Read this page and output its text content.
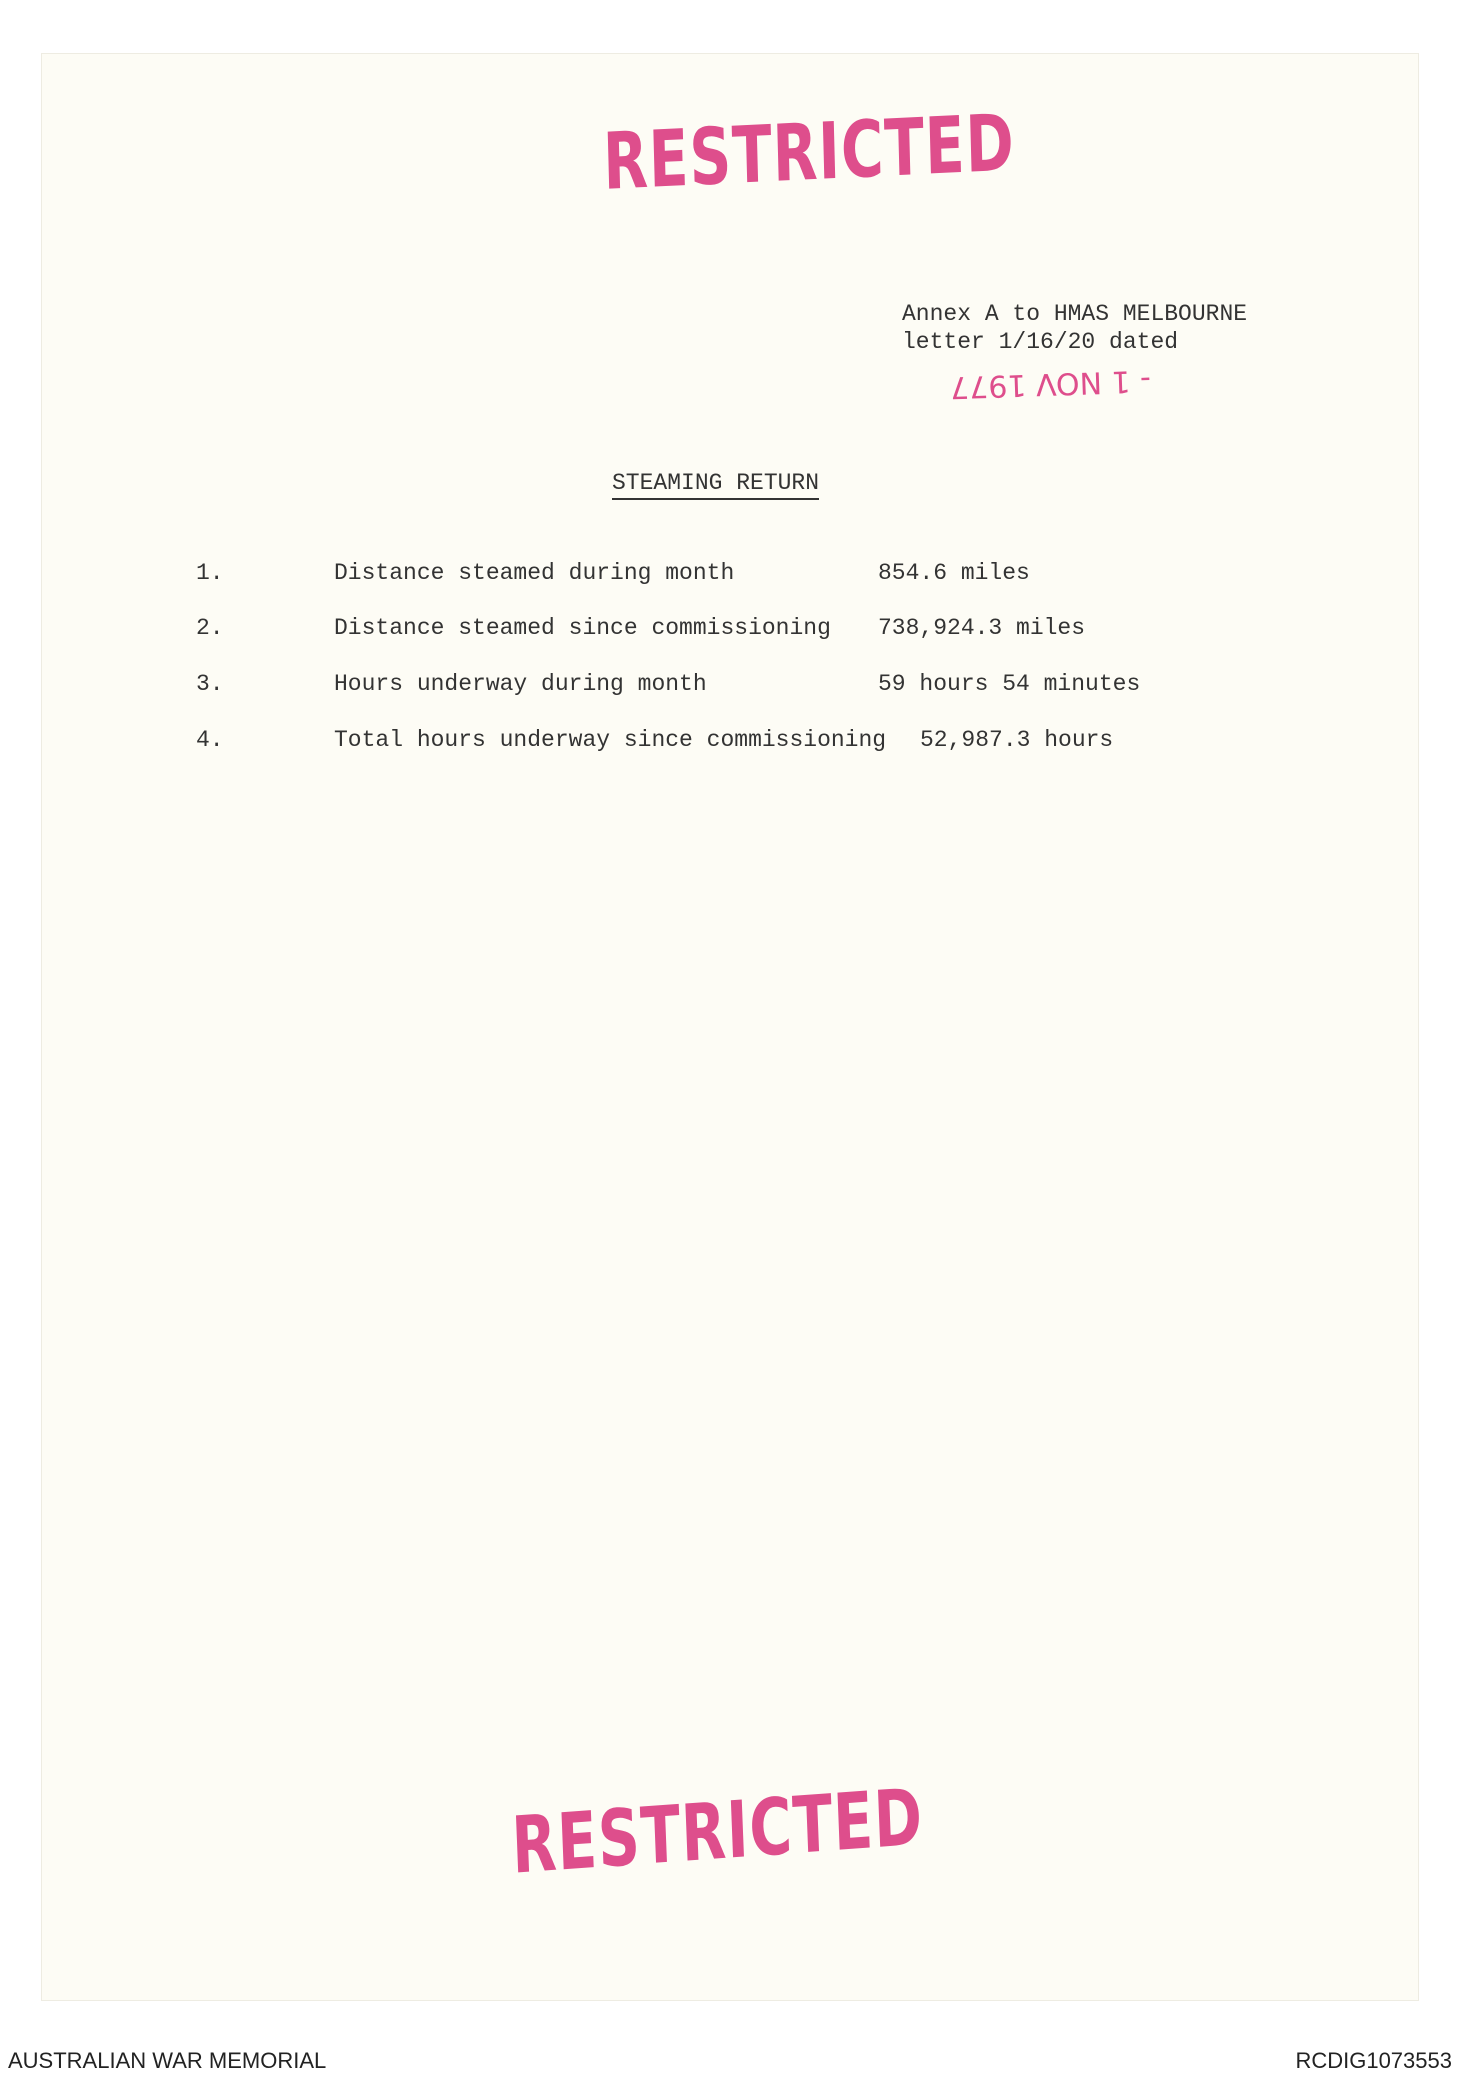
RESTRICTED
Annex A to HMAS MELBOURNE
letter 1/16/20 dated
- 1 NOV 1977
STEAMING RETURN
1.	Distance steamed during month	854.6 miles
2.	Distance steamed since commissioning 738,924.3 miles
3.	Hours underway during month	59 hours 54 minutes
4.	Total hours underway since commissioning 52,987.3 hours
RESTRICTED
AUSTRALIAN WAR MEMORIAL	RCDIG1073553
